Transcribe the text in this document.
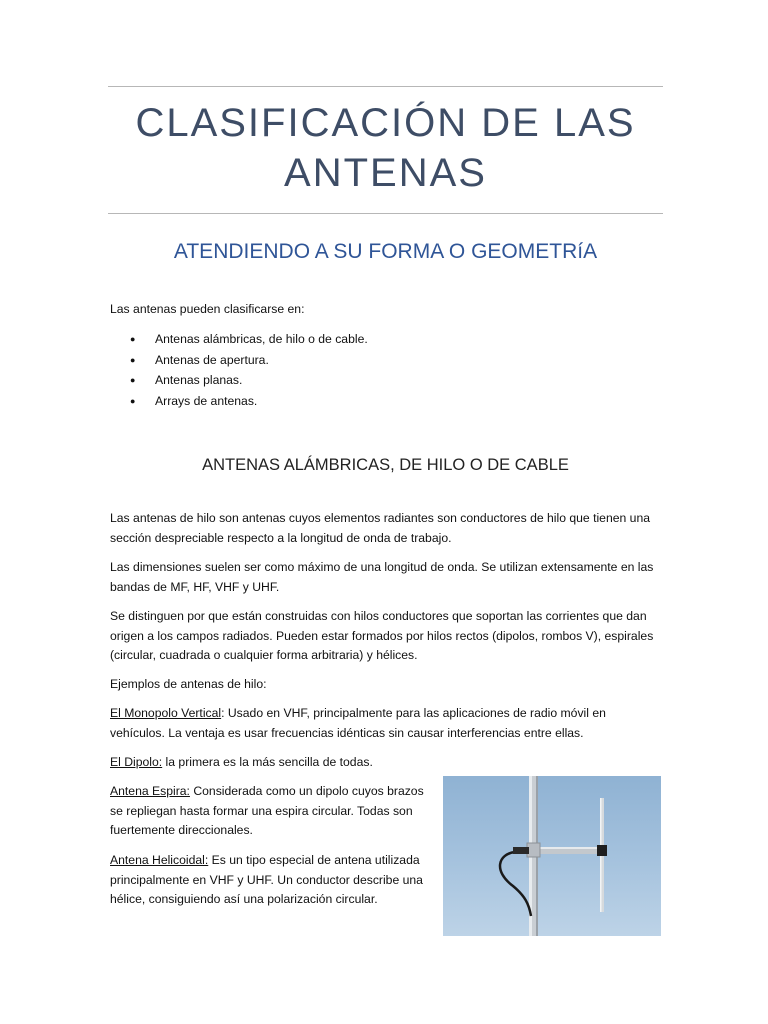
CLASIFICACIÓN DE LAS ANTENAS
ATENDIENDO A SU FORMA O GEOMETRíA

Las antenas pueden clasificarse en:

● Antenas alámbricas, de hilo o de cable.
● Antenas de apertura.
● Antenas planas.
● Arrays de antenas.
ANTENAS ALÁMBRICAS, DE HILO O DE CABLE

Las antenas de hilo son antenas cuyos elementos radiantes son conductores de hilo que tienen una sección despreciable respecto a la longitud de onda de trabajo.

Las dimensiones suelen ser como máximo de una longitud de onda. Se utilizan extensamente en las bandas de MF, HF, VHF y UHF.

Se distinguen por que están construidas con hilos conductores que soportan las corrientes que dan origen a los campos radiados. Pueden estar formados por hilos rectos (dipolos, rombos V), espirales (circular, cuadrada o cualquier forma arbitraria) y hélices.

Ejemplos de antenas de hilo:

El Monopolo Vertical: Usado en VHF, principalmente para las aplicaciones de radio móvil en vehículos. La ventaja es usar frecuencias idénticas sin causar interferencias entre ellas.

El Dipolo: la primera es la más sencilla de todas.

Antena Espira: Considerada como un dipolo cuyos brazos se repliegan hasta formar una espira circular. Todas son fuertemente direccionales.

Antena Helicoidal: Es un tipo especial de antena utilizada principalmente en VHF y UHF. Un conductor describe una hélice, consiguiendo así una polarización circular.
